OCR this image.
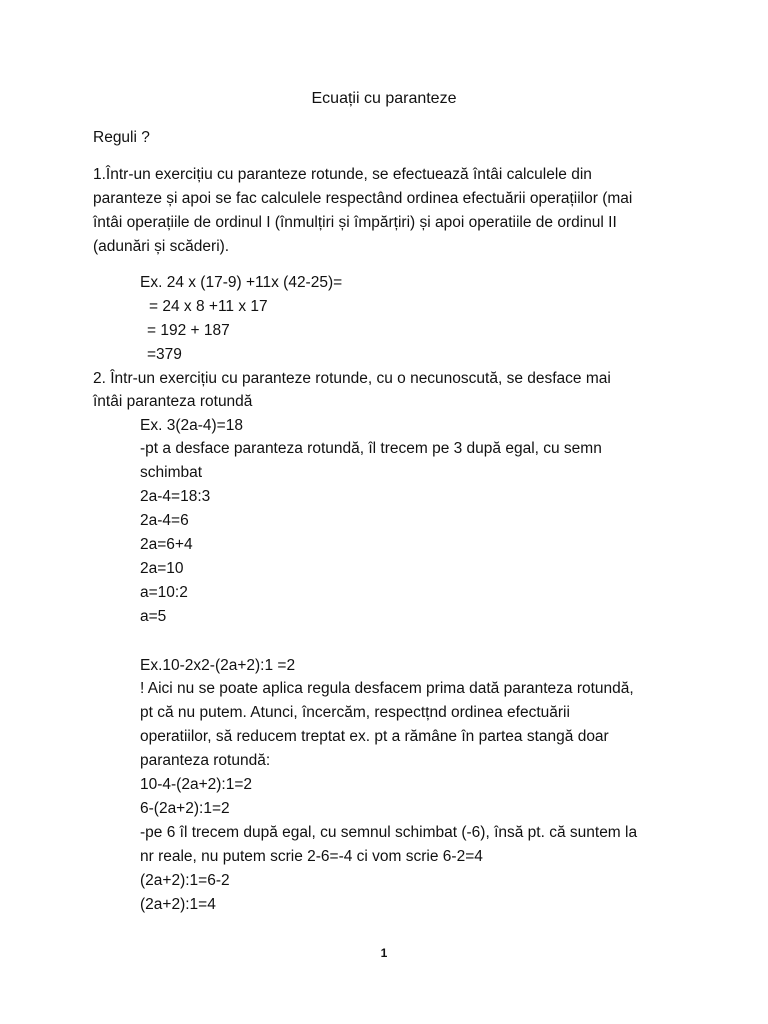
Ecuații cu paranteze
Reguli ?
1.Într-un exercițiu cu paranteze rotunde, se efectuează întâi calculele din
paranteze și apoi se fac calculele respectând ordinea efectuării operațiilor (mai
întâi operațiile de ordinul I (înmulțiri și împărțiri) și apoi operatiile de ordinul II
(adunări și scăderi).
Ex. 24 x (17-9) +11x (42-25)=
= 24 x 8 +11 x 17
= 192 + 187
=379
2. Într-un exercițiu cu paranteze rotunde, cu o necunoscută, se desface mai
întâi paranteza rotundă
Ex. 3(2a-4)=18
-pt a desface paranteza rotundă, îl trecem pe 3 după egal, cu semn
schimbat
2a-4=18:3
2a-4=6
2a=6+4
2a=10
a=10:2
a=5
Ex.10-2x2-(2a+2):1 =2
! Aici nu se poate aplica regula desfacem prima dată paranteza rotundă,
pt că nu putem. Atunci, încercăm, respectțnd ordinea efectuării
operatiilor, să reducem treptat ex. pt a rămâne în partea stangă doar
paranteza rotundă:
10-4-(2a+2):1=2
6-(2a+2):1=2
-pe 6 îl trecem după egal, cu semnul schimbat (-6), însă pt. că suntem la
nr reale, nu putem scrie 2-6=-4 ci vom scrie 6-2=4
(2a+2):1=6-2
(2a+2):1=4
1
